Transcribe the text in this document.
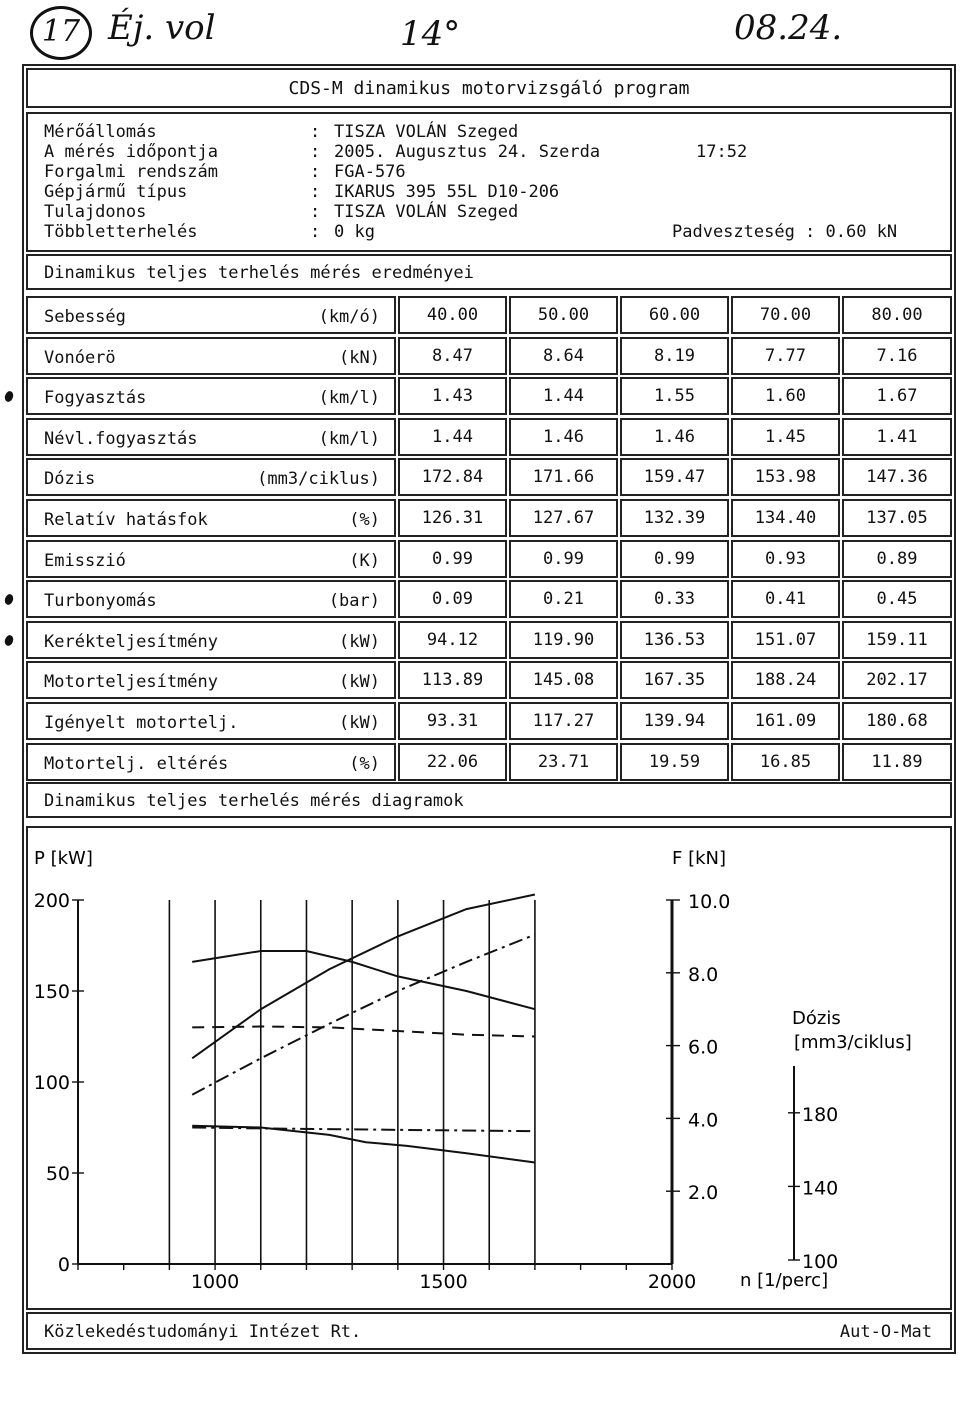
17 Éj. vol	14°	08.24.
CDS-M dinamikus motorvizsgáló program
Mérőállomás	: TISZA VOLÁN Szeged
A mérés időpontja	: 2005. Augusztus 24. Szerda	17:52
Forgalmi rendszám	: FGA-576
Gépjármű típus	: IKARUS 395 55L D10-206
Tulajdonos	: TISZA VOLÁN Szeged
Többletterhelés	: 0 kg	Padveszteség : 0.60 kN
Dinamikus teljes terhelés mérés eredményei
Sebesség	(km/ó)	40.00	50.00	60.00	70.00	80.00
Vonóerö	(kN)	8.47	8.64	8.19	7.77	7.16
Fogyasztás	(km/l)	1.43	1.44	1.55	1.60	1.67
Névl.fogyasztás	(km/l)	1.44	1.46	1.46	1.45	1.41
Dózis	(mm3/ciklus)	172.84	171.66	159.47	153.98	147.36
Relatív hatásfok	(%)	126.31	127.67	132.39	134.40	137.05
Emisszió	(K)	0.99	0.99	0.99	0.93	0.89
Turbonyomás	(bar)	0.09	0.21	0.33	0.41	0.45
Kerékteljesítmény	(kW)	94.12	119.90	136.53	151.07	159.11
Motorteljesítmény	(kW)	113.89	145.08	167.35	188.24	202.17
Igényelt motortelj.	(kW)	93.31	117.27	139.94	161.09	180.68
Motortelj. eltérés	(%)	22.06	23.71	19.59	16.85	11.89
Dinamikus teljes terhelés mérés diagramok
P [kW]	F [kN]
Dózis
[mm3/ciklus]
n [1/perc]
1000	1500	2000
0
50
100
150
200
2.0
4.0
6.0
8.0
10.0
100
140
180
Közlekedéstudományi Intézet Rt.	Aut-O-Mat
